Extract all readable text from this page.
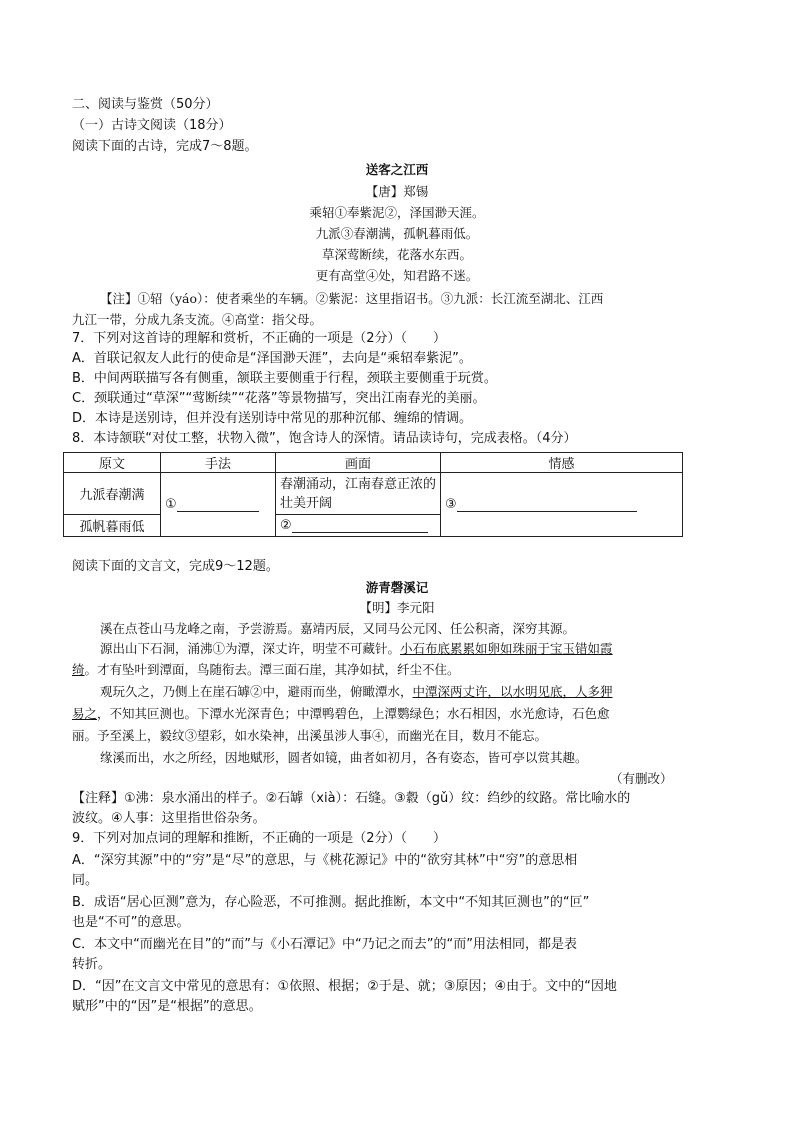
二、阅读与鉴赏（50分）
（一）古诗文阅读（18分）
阅读下面的古诗，完成7～8题。
送客之江西
【唐】郑锡
乘轺①奉紫泥②，泽国渺天涯。
九派③春潮满，孤帆暮雨低。
草深莺断续，花落水东西。
更有高堂④处，知君路不迷。
【注】①轺（yáo）：使者乘坐的车辆。②紫泥：这里指诏书。③九派：长江流至湖北、江西
九江一带，分成九条支流。④高堂：指父母。
7．下列对这首诗的理解和赏析，不正确的一项是（2分）（　　）
A．首联记叙友人此行的使命是“泽国渺天涯”，去向是“乘轺奉紫泥”。
B．中间两联描写各有侧重，颔联主要侧重于行程，颈联主要侧重于玩赏。
C．颈联通过“草深”“莺断续”“花落”等景物描写，突出江南春光的美丽。
D．本诗是送别诗，但并没有送别诗中常见的那种沉郁、缠绵的情调。
8．本诗颔联“对仗工整，状物入微”，饱含诗人的深情。请品读诗句，完成表格。（4分）
原文	手法	画面	情感
九派春潮满	①	春潮涌动，江南春意正浓的壮美开阔	③
孤帆暮雨低		②	
阅读下面的文言文，完成9～12题。
游青磬溪记
【明】李元阳
溪在点苍山马龙峰之南，予尝游焉。嘉靖丙辰，又同马公元冈、任公积斋，深穷其源。
源出山下石洞，涌沸①为潭，深丈许，明莹不可藏针。小石布底累累如卵如珠丽于宝玉错如霞
绮。才有坠叶到潭面，鸟随衔去。潭三面石崖，其净如拭，纤尘不住。
观玩久之，乃侧上在崖石罅②中，避雨而坐，俯瞰潭水，中潭深两丈许，以水明见底，人多狎
易之，不知其叵测也。下潭水光深青色；中潭鸭碧色，上潭鹦绿色；水石相因，水光愈诗，石色愈
丽。予至溪上，毅纹③望彩，如水染神，出溪虽涉人事④，而幽光在目，数月不能忘。
缘溪而出，水之所经，因地赋形，圆者如镜，曲者如初月，各有姿态，皆可亭以赏其趣。
（有删改）
【注释】①沸：泉水涌出的样子。②石罅（xià）：石缝。③縠（gǔ）纹：绉纱的纹路。常比喻水的
波纹。④人事：这里指世俗杂务。
9．下列对加点词的理解和推断，不正确的一项是（2分）（　　）
A．“深穷其源”中的“穷”是“尽”的意思，与《桃花源记》中的“欲穷其林”中“穷”的意思相
同。
B．成语“居心叵测”意为，存心险恶，不可推测。据此推断，本文中“不知其叵测也”的“叵”
也是“不可”的意思。
C．本文中“而幽光在目”的“而”与《小石潭记》中“乃记之而去”的“而”用法相同，都是表
转折。
D．“因”在文言文中常见的意思有：①依照、根据；②于是、就；③原因；④由于。文中的“因地
赋形”中的“因”是“根据”的意思。
